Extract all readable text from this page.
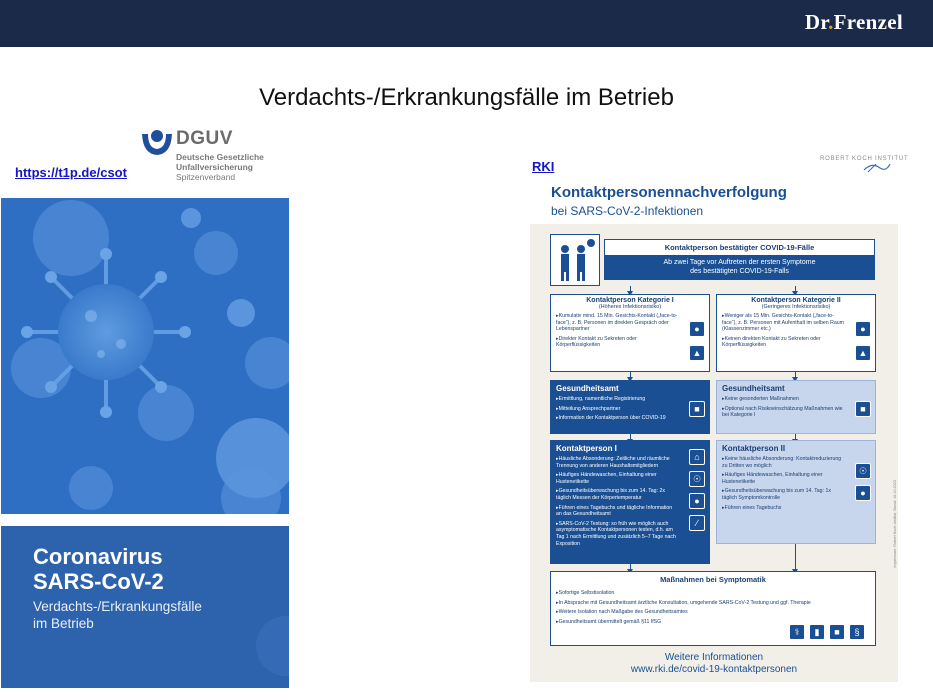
Dr.Frenzel
Verdachts-/Erkrankungsfälle im Betrieb
https://t1p.de/csot	RKI
DGUV
Deutsche Gesetzliche
Unfallversicherung
Spitzenverband
Coronavirus
SARS-CoV-2
Verdachts-/Erkrankungsfälle
im Betrieb
ROBERT KOCH INSTITUT
Kontaktpersonennachverfolgung
bei SARS-CoV-2-Infektionen
Kontaktperson bestätigter COVID-19-Fälle
Ab zwei Tage vor Auftreten der ersten Symptome
des bestätigten COVID-19-Falls
Kontaktperson Kategorie I
(Höheres Infektionsrisiko)
▸ Kumulativ mind. 15 Min. Gesichts-Kontakt („face-to-face“), z. B. Personen im direkten Gespräch oder Lebenspartner
▸ Direkter Kontakt zu Sekreten oder Körperflüssigkeiten
●
▲
Kontaktperson Kategorie II
(Geringeres Infektionsrisiko)
▸ Weniger als 15 Min. Gesichts-Kontakt („face-to-face“), z. B. Personen mit Aufenthalt im selben Raum (Klassenzimmer etc.)
▸ Keinen direkten Kontakt zu Sekreten oder Körperflüssigkeiten
●
▲
Gesundheitsamt
▸ Ermittlung, namentliche Registrierung
▸ Mitteilung Ansprechpartner
▸ Information der Kontaktperson über COVID-19
■
Gesundheitsamt
▸ Keine gesonderten Maßnahmen
▸ Optional nach Risikoeinschätzung Maßnahmen wie bei Kategorie I
■
Kontaktperson I
▸ Häusliche Absonderung: Zeitliche und räumliche Trennung von anderen Haushaltsmitgliedern
▸ Häufiges Händewaschen, Einhaltung einer Hustenetikette
▸ Gesundheitsüberwachung bis zum 14. Tag: 2x täglich Messen der Körpertemperatur
▸ Führen eines Tagebuchs und tägliche Information an das Gesundheitsamt
▸ SARS-CoV-2 Testung: so früh wie möglich auch asymptomatische Kontaktpersonen testen, d.h. am Tag 1 nach Ermittlung und zusätzlich 5–7 Tage nach Exposition
⌂
☉
●
∕
Kontaktperson II
▸ Keine häusliche Absonderung: Kontaktreduzierung zu Dritten wo möglich
▸ Häufiges Händewaschen, Einhaltung einer Hustenetikette
▸ Gesundheitsüberwachung bis zum 14. Tag: 1x täglich Symptomkontrolle
▸ Führen eines Tagebuchs
☉
●
Maßnahmen bei Symptomatik
▸ Sofortige Selbstisolation
▸ In Absprache mit Gesundheitsamt ärztliche Konsultation, umgehende SARS-CoV-2 Testung und ggf. Therapie
▸ Weitere Isolation nach Maßgabe des Gesundheitsamtes
▸ Gesundheitsamt übermittelt gemäß §11 IfSG
⚕	▮	■	§
Weitere Informationen
www.rki.de/covid-19-kontaktpersonen
Impressum: Robert Koch-Institut, Stand: 16.10.2020
